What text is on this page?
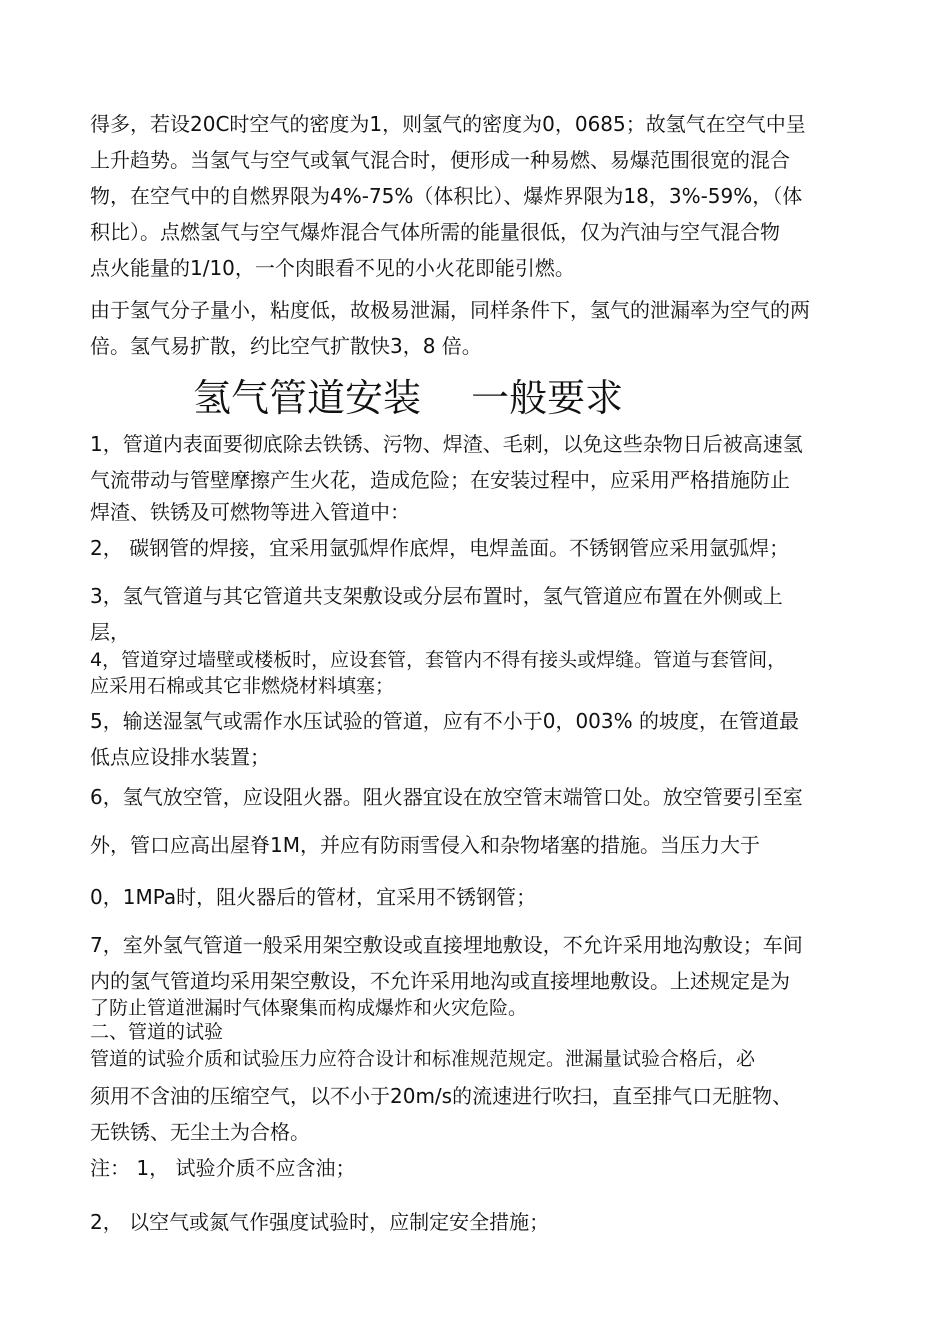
得多，若设20C时空气的密度为1，则氢气的密度为0，0685；故氢气在空气中呈
上升趋势。当氢气与空气或氧气混合时，便形成一种易燃、易爆范围很宽的混合
物，在空气中的自燃界限为4%-75%（体积比）、爆炸界限为18，3%-59%，（体
积比）。点燃氢气与空气爆炸混合气体所需的能量很低，仅为汽油与空气混合物
点火能量的1/10，一个肉眼看不见的小火花即能引燃。
由于氢气分子量小，粘度低，故极易泄漏，同样条件下，氢气的泄漏率为空气的两
倍。氢气易扩散，约比空气扩散快3，8 倍。
氢气管道安装　 一般要求
1，管道内表面要彻底除去铁锈、污物、焊渣、毛刺，以免这些杂物日后被高速氢
气流带动与管壁摩擦产生火花，造成危险；在安装过程中，应采用严格措施防止
焊渣、铁锈及可燃物等进入管道中：
2， 碳钢管的焊接，宜采用氩弧焊作底焊，电焊盖面。不锈钢管应采用氩弧焊；
3，氢气管道与其它管道共支架敷设或分层布置时，氢气管道应布置在外侧或上
层，
4，管道穿过墙壁或楼板时，应设套管，套管内不得有接头或焊缝。管道与套管间，
应采用石棉或其它非燃烧材料填塞；
5，输送湿氢气或需作水压试验的管道，应有不小于0，003% 的坡度，在管道最
低点应设排水装置；
6，氢气放空管，应设阻火器。阻火器宜设在放空管末端管口处。放空管要引至室
外，管口应高出屋脊1M，并应有防雨雪侵入和杂物堵塞的措施。当压力大于
0，1MPa时，阻火器后的管材，宜采用不锈钢管；
7，室外氢气管道一般采用架空敷设或直接埋地敷设，不允许采用地沟敷设；车间
内的氢气管道均采用架空敷设，不允许采用地沟或直接埋地敷设。上述规定是为
了防止管道泄漏时气体聚集而构成爆炸和火灾危险。
二、管道的试验
管道的试验介质和试验压力应符合设计和标准规范规定。泄漏量试验合格后，必
须用不含油的压缩空气，以不小于20m/s的流速进行吹扫，直至排气口无脏物、
无铁锈、无尘土为合格。
注： 1， 试验介质不应含油；
2， 以空气或氮气作强度试验时，应制定安全措施；
